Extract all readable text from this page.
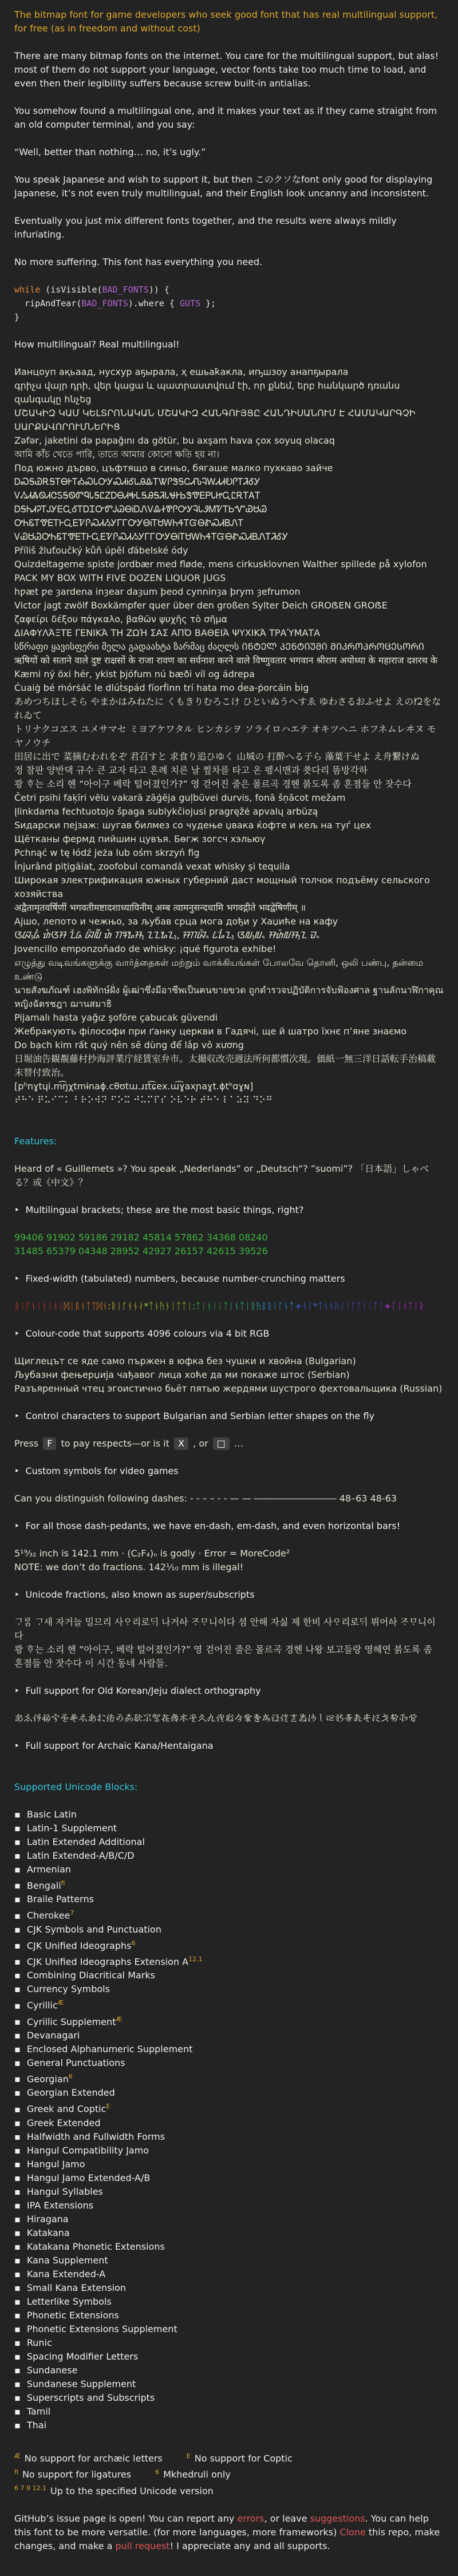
The bitmap font for game developers who seek good font that has real multilingual support, for free (as in freedom and without cost)

There are many bitmap fonts on the internet. You care for the multilingual support, but alas! most of them do not support your language, vector fonts take too much time to load, and even then their legibility suffers because screw built-in antialias.

You somehow found a multilingual one, and it makes your text as if they came straight from an old computer terminal, and you say:

“Well, better than nothing… no, it’s ugly.”

You speak Japanese and wish to support it, but then このクソなfont only good for displaying Japanese, it’s not even truly multilingual, and their English look uncanny and inconsistent.

Eventually you just mix different fonts together, and the results were always mildly infuriating.

No more suffering. This font has everything you need.

while (isVisible(BAD_FONTS)) {
ripAndTear(BAD_FONTS).where { GUTS };
}

How multilingual? Real multilingual!

Ианцоуп ақьаад, нусхур аҕырала, ҳ ешьаҟакла, иҧшзоу анапҕырала
գրիչս վայր դրի, վեր կացա և պատրաստվում էի, որ քնեմ, երբ հանկարծ դռանս զանգակը հնչեց
ՄՇԱԿԻԶ ԿԱՄ ԿԵԼՏՐՈՆԱԿԱՆ ՄՇԱԿԻԶ ՀԱՆԳՈՒՅՑԸ ՀԱՆԴԻՍԱՆՈՒՄ Է ՀԱՄԱԿԱՐԳՉԻ ՍԱՐՔԱՎՈՐՈՒՄՆԵՐԻՑ
Zəfər, jaketini də papağını da götür, bu axşam hava çox soyuq olacaq
আমি কাঁচ খেতে পারি, তাতে আমার কোনো ক্ষতি হয় না।
Под южно дърво, цъфтящо в синьо, бягаше малко пухкаво зайче
ᎠᏍᎦᏯᎡᎦᎢᎾᎨᎢᎣᏍᏓᎤᎩᏍᏗᎥᎴᏓᎯᎲᎢᏔᎵᏕᎦᏟᏗᏖᎸᎳᏗᏗᎧᎵᎢᏘᎴᎩ ᏙᏱᏗᏜᏫᏗᏣᏚᎦᏫᏛᏄᏓᎦᏝᏃᎠᎾᏗᎭᏞᎦᎯᎦᏘᏓᏠᎨᏏᏕᏡᎬᏢᏓᏥᏩᏝᎡᎢᎪᎢ
ᎠᎦᏂᏗᎮᎢᎫᎩᎬᏩᎴᎢᎠᏆᏅᏛᎫᏊᎾᎥᎠᏁᏙᎲᏐᏈᎵᎤᎩᎸᏓᏭᎷᏤᎢᏏᏉᏯᏌᏊ ᎤᏂᏋᎢᏡᎬᎢᎰᏩᎬᏤᎵᏍᏗᏱᎩᎱᎱᎤᎩᎾᎥᎢᏌᎳᏂᏎᎢᏳᎾᏑᏍᏗᏴᏁᎢ
ᏙᏯᏌᏊᎤᏂᏋᎢᏡᎬᎢᎰᏩᎬᏤᎵᏍᏗᏱᎩᎱᎱᎤᎩᎾᎥᎢᏌᎳᏂᏎᎢᏳᎾᏑᏍᏗᏴᏁᎢᏘᎴᎩ
Příliš žluťoučký kůň úpěl ďábelské ódy
Quizdeltagerne spiste jordbær med fløde, mens cirkusklovnen Walther spillede på xylofon
PACK MY BOX WITH FIVE DOZEN LIQUOR JUGS
hƿæt ƿe ȝardena inȝear daȝum þeod cynninȝa þrym ȝefrumon
Victor jagt zwölf Boxkämpfer quer über den großen Sylter Deich GROẞEN GROẞE
ζαφείρι δέξου πάγκαλο, βαθῶν ψυχῆς τὸ σῆμα
ΔΙΑΦΥΛΆΞΤΕ ΓΕΝΙΚΆ ΤΗ ΖΩΉ ΣΑΣ ΑΠΌ ΒΑΘΕΙΆ ΨΥΧΙΚΆ ΤΡΑΎΜΑΤΑ
სწრაფი ყავისფერი მელა გადაახტა ზარმაც ძაღლს ᲘᲜᲢᲔᲚ ᲞᲔᲜᲢᲘᲣᲛᲘ ᲛᲘᲙᲠᲝᲞᲠᲝᲪᲔᲡᲝᲠᲘ
ऋषियों को सताने वाले दुष्ट राक्षसों के राजा रावण का सर्वनाश करने वाले विष्णुवतार भगवान श्रीराम अयोध्या के महाराज दशरथ के
Kæmi ný öxi hér, ykist þjófum nú bæði víl og ádrepa
Ċuaiġ bé ṁórṡáċ le dlúṫspád fíorḟinn trí hata mo ḋea-ṗorcáin ḃig
あめつちほしそら やまかはみねたに くもきりむろこけ ひといぬうへすゑ ゆわさるおふせよ えの𛀁をなれゐて
トリナクコヱス ユメサマセ ミヨアケワタル ヒンカシヲ ソライロハエテ オキツヘニ ホフネムレヰヌ モヤノウチ
田居に出で 菜摘むわれをぞ 君召すと 求食り追ひゆく 山城の 打酔へる子ら 藻葉干せよ え舟繋けぬ
정 참판 양반댁 규수 큰 교자 타고 혼례 치른 날 찦차를 타고 온 펲시맨과 쑛다리 똠방각하
쾅 ᄒᆞ는 소리 헨 “아이구 베락 털어졌인가?” 영 걷어진 줄은 몰르곡 경헨 붉도록 좀 혼졈들 안 잣수다
Četri psihi faķīri vēlu vakarā zāģēja guļbūvei durvis, fonā šņācot mežam
Įlinkdama fechtuotojo špaga sublykčiojusi pragręžė apvalų arbūzą
Ѕидарски пејзаж: шугав билмез со чудење џвака ќофте и кељ на туѓ цех
Щётканы фермд пийшин цувъя. Бөгж зогсч хэльюү
Pchnąć w tę łódź jeża lub ośm skrzyń fig
Înjurând pițigăiat, zoofobul comandă vexat whisky și tequila
Широкая электрификация южных губерний даст мощный толчок подъёму сельского хозяйства
अद्वैतामृतवर्षिणीं भगवतीमष्टादशाध्यायिनीम् अम्ब त्वामनुसन्दधामि भगवद्गीते भवद्वेषिणीम् ॥
Ајшо, лепото и чежњо, за љубав срца мога дођи у Хаџиће на кафу
ᮃᮘ᮪ᮓᮤ ᮒᮤᮃᮞ ᮔᮨᮓ ᮘᮨᮜᮤᮀ ᮒᮩ ᮊᮛᮇᮞ᮪ ᮔᮔᮇᮔ᮪, ᮞᮊᮘᮨᮂ ᮄᮐᮤᮔ᮪ ᮃᮜ᮪ᮜᮂ ᮞᮒᮨᮜᮞ᮪ᮔ ᮙᮂ
Jovencillo emponzoñado de whisky: ¡qué figurota exhibe!
எழுத்து வடிவங்களுக்கு வார்த்தைகள் மற்றும் வாக்கியங்கள் போலவே தொனி, ஒலி பண்பு, தன்மை உண்டு
นายสังฆภัณฑ์ เฮงพิทักษ์ฝั่ง ผู้เฒ่าซึ่งมีอาชีพเป็นฅนขายขวด ถูกตำรวจปฏิบัติการจับฟ้องศาล ฐานลักนาฬิกาคุณหญิงฉัตรชฎา ฌานสมาธิ
Pijamalı hasta yağız şoföre çabucak güvendi
Жебракують філософи при ґанку церкви в Гадячі, ще й шатро їхнє п’яне знаємо
Do bạch kim rất quý nên sẽ dùng để lắp vô xương
日堀油告観覩藤村抄海評業庁経賃室弁市。太撮収改売週法所何都慣次現。価紙一無三洋日話転手治稿載末替付致治。
[pʰnɣtɥi.m͡ŋχtmɨnaɸ.cθʊtɯ.ɹɪt͡ɕex.ɯ͡ɣaxɲaɣt.ɸtʰɑɣɴ]
⠞⠓⠑ ⠟⠥⠊⠉⠅ ⠃⠗⠕⠺⠝ ⠋⠕⠭ ⠚⠥⠍⠏⠎ ⠕⠧⠑⠗ ⠞⠓⠑ ⠇⠁⠵⠽ ⠙⠕⠛
Features:
Heard of « Guillemets »? You speak „Nederlands” or „Deutsch“? ”suomi”? 「日本語」しゃべる？或《中文》？
‣ Multilingual brackets; these are the most basic things, right?
99406 91902 59186 29182 45814 57862 34368 08240
31485 65379 04348 28952 42927 26157 42615 39526
‣ Fixed-width (tabulated) numbers, because number-crunching matters
ᚱᛁᚴᚾᛁᚾᛁᚾᛁᛞᛁᛒᚾᛏᛏᛞᚾ:ᚱᛁᚴᚾᚾᛅ*ᛏᚾᚤᚾᛁᛏᛏᛁ:ᛏᛁᚾᛁᛁᛏᛁᚾᛏᛁᚱᚤᛒᚱᛁᚴᚾᛏ+ᚾᛚ*ᛏᚾᚾᚤᛁᛁᚴᛏᛁᛁᛏᛁ+ᚴᛁᚾᛏᛁᚱ
‣ Colour-code that supports 4096 colours via 4 bit RGB
Щиглецът се яде само пържен в юфка без чушки и хвойна (Bulgarian)
Љубазни фењерџија чађавог лица хоће да ми покаже штос (Serbian)
Разъяренный чтец эгоистично бьёт пятью жердями шустрого фехтовальщика (Russian)
‣ Control characters to support Bulgarian and Serbian letter shapes on the fly
Press F to pay respects—or is it X , or □ …
‣ Custom symbols for video games
Can you distinguish following dashes: - - – – - - — — ――――――――― 48–63 48-63
‣ For all those dash-pedants, we have en-dash, em-dash, and even horizontal bars!
5¹⁹⁄₃₂ inch is 142.1 mm · (C₂F₄)ₙ is godly · Error = MoreCode²
NOTE: we don’t do fractions. 142¹⁄₁₀ mm is illegal!
‣ Unicode fractions, also known as super/subscripts
ᄀᆞᄅᆞᆷ ᄀᆞ새 자거늘 밀므리 사ᄋᆞ리로ᄃᆡ 나거ᅀᅡ ᄌᆞᄆᆞ니ᅌᅵ다 셤 안해 자싫 제 한비 사ᄋᆞ리로ᄃᆡ 뷔어ᅀᅡ ᄌᆞᄆᆞ니ᅌᅵ다
쾅 ᄒᆞ는 소리 헨 “아이구, 베락 털어졌인가?” 영 걷어진 줄은 몰르곡 경헨 나왕 보고들랑 영헤연 붉도록 좀 혼졈들 안 잣수다 이 시간 동네 사람들.
‣ Full support for Old Korean/Jeju dialect orthography
𛀂𛀅𛀇𛀉𛀋𛀍𛀏𛀑𛀓𛀕𛀗𛀙𛀛𛀝𛀟𛀡𛀣𛀥𛀧𛀩𛀫𛀭𛀯𛀱𛀳𛀵𛀷𛀹𛀻𛀽𛀿𛁁𛁃𛁅𛁇𛁉𛁋𛁍𛁏𛁑𛁓𛁕𛁗𛁙
‣ Full support for Archaic Kana/Hentaigana
Supported Unicode Blocks:
▪ Basic Latin
▪ Latin-1 Supplement
▪ Latin Extended Additional
▪ Latin Extended-A/B/C/D
▪ Armenian
▪ Bengali$^{fi}$
▪ Braile Patterns
▪ Cherokee$^7$
▪ CJK Symbols and Punctuation
▪ CJK Unified Ideographs$^6$
▪ CJK Unified Ideographs Extension A$^{12.1}$
▪ Combining Diacritical Marks
▪ Currency Symbols
▪ Cyrillic$^Æ$
▪ Cyrillic Supplement$^Æ$
▪ Devanagari
▪ Enclosed Alphanumeric Supplement
▪ General Punctuations
▪ Georgian$^6$
▪ Georgian Extended
▪ Greek and Coptic$^E$
▪ Greek Extended
▪ Halfwidth and Fullwidth Forms
▪ Hangul Compatibility Jamo
▪ Hangul Jamo
▪ Hangul Jamo Extended-A/B
▪ Hangul Syllables
▪ IPA Extensions
▪ Hiragana
▪ Katakana
▪ Katakana Phonetic Extensions
▪ Kana Supplement
▪ Kana Extended-A
▪ Small Kana Extension
▪ Letterlike Symbols
▪ Phonetic Extensions
▪ Phonetic Extensions Supplement
▪ Runic
▪ Spacing Modifier Letters
▪ Sundanese
▪ Sundanese Supplement
▪ Superscripts and Subscripts
▪ Tamil
▪ Thai
$^Æ$ No support for archæic letters	$^E$ No support for Coptic
$^{fi}$ No support for ligatures	$^6$ Mkhedruli only
$^{6 7 9 12.1}$ Up to the specified Unicode version

GitHub’s issue page is open! You can report any errors, or leave suggestions. You can help this font to be more versatile. (for more languages, more frameworks) Clone this repo, make changes, and make a pull request! I appreciate any and all supports.
